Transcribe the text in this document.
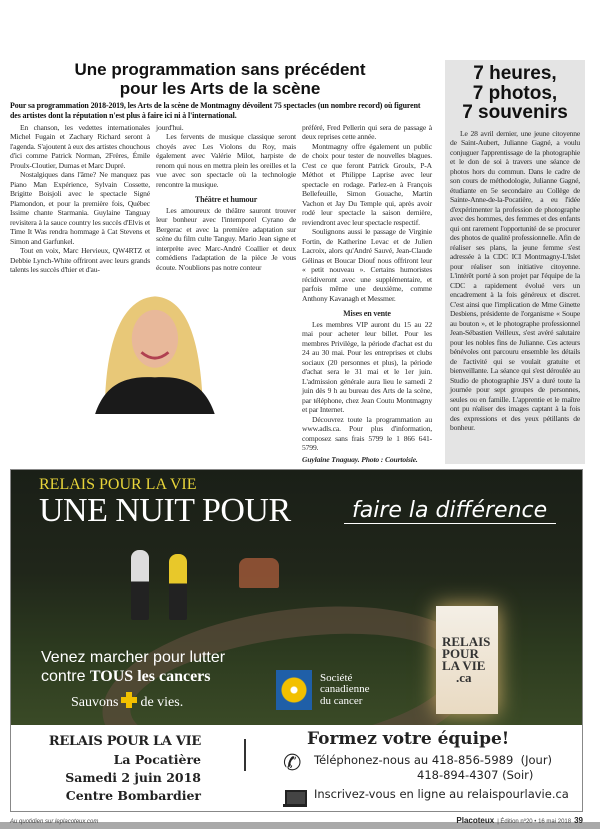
Une programmation sans précédent
pour les Arts de la scène
Pour sa programmation 2018-2019, les Arts de la scène de Montmagny dévoilent 75 spectacles (un nombre record) où figurent des artistes dont la réputation n'est plus à faire ici ni à l'international.

En chanson, les vedettes internationales Michel Fugain et Zachary Richard seront à l'agenda. S'ajoutent à eux des artistes chouchous d'ici comme Patrick Norman, 2Frères, Émile Proulx-Cloutier, Dumas et Marc Dupré.

Nostalgiques dans l'âme? Ne manquez pas Piano Man Expérience, Sylvain Cossette, Brigitte Boisjoli avec le spectacle Signé Plamondon, et pour la première fois, Québec Issime chante Starmania. Guylaine Tanguay revisitera à la sauce country les succès d'Elvis et Time It Was rendra hommage à Cat Stevens et Simon and Garfunkel.

Tout en voix, Marc Hervieux, QW4RTZ et Debbie Lynch-White offriront avec leurs grands talents les succès d'hier et d'au-

jourd'hui.

Les fervents de musique classique seront choyés avec Les Violons du Roy, mais également avec Valérie Milot, harpiste de renom qui nous en mettra plein les oreilles et la vue avec son spectacle où la technologie rencontre la musique.

Théâtre et humour

Les amoureux de théâtre sauront trouver leur bonheur avec l'intemporel Cyrano de Bergerac et avec la première adaptation sur scène du film culte Tanguy. Mario Jean signe et interprète avec Marc-André Coallier et deux comédiens l'adaptation de la pièce Je vous écoute. N'oublions pas notre conteur

préféré, Fred Pellerin qui sera de passage à deux reprises cette année.

Montmagny offre également un public de choix pour tester de nouvelles blagues. C'est ce que feront Patrick Groulx, P-A Méthot et Philippe Laprise avec leur spectacle en rodage. Parlez-en à François Bellefeuille, Simon Gouache, Martin Vachon et Jay Du Temple qui, après avoir rodé leur spectacle la saison dernière, reviendront avec leur spectacle respectif.

Soulignons aussi le passage de Virginie Fortin, de Katherine Levac et de Julien Lacroix, alors qu'André Sauvé, Jean-Claude Gélinas et Boucar Diouf nous offriront leur « petit nouveau ». Certains humoristes récidiveront avec une supplémentaire, et parfois même une deuxième, comme Anthony Kavanagh et Messmer.

Mises en vente

Les membres VIP auront du 15 au 22 mai pour acheter leur billet. Pour les membres Privilège, la période d'achat est du 24 au 30 mai. Pour les entreprises et clubs sociaux (20 personnes et plus), la période d'achat sera le 31 mai et le 1er juin. L'admission générale aura lieu le samedi 2 juin dès 9 h au bureau des Arts de la scène, par téléphone, chez Jean Coutu Montmagny et par Internet.

Découvrez toute la programmation au www.adls.ca. Pour plus d'information, composez sans frais 5799 le 1 866 641-5799.

Guylaine Tnaguay. Photo : Courtoisie.

7 heures,
7 photos,
7 souvenirs

Le 28 avril dernier, une jeune citoyenne de Saint-Aubert, Julianne Gagné, a voulu conjuguer l'apprentissage de la photographie et le don de soi à travers une séance de photos hors du commun. Dans le cadre de son cours de méthodologie, Julianne Gagné, étudiante en 5e secondaire au Collège de Sainte-Anne-de-la-Pocatière, a eu l'idée d'expérimenter la profession de photographe avec des hommes, des femmes et des enfants qui ont rarement l'opportunité de se procurer des photos de qualité professionnelle. Afin de réaliser ses plans, la jeune femme s'est adressée à la CDC ICI Montmagny-L'Islet pour réaliser son initiative citoyenne. L'intérêt porté à son projet par l'équipe de la CDC a rapidement évolué vers un encadrement à la fois généreux et discret. C'est ainsi que l'implication de Mme Ginette Desbiens, présidente de l'organisme « Soupe au bouton », et le photographe professionnel Jean-Sébastien Veilleux, s'est avéré salutaire pour les nobles fins de Julianne. Ces acteurs bénévoles ont parcouru ensemble les détails de l'activité qui se voulait gratuite et bienveillante. La séance qui s'est déroulée au Studio de photographie JSV a duré toute la journée pour sept groupes de personnes, seules ou en famille. L'apprentie et le maître ont pu réaliser des images captant à la fois des expressions et des yeux pétillants de bonheur.

RELAIS POUR LA VIE
UNE NUIT POUR	faire la différence
Venez marcher pour lutter
contre TOUS les cancers
Sauvons de vies.
Société
canadienne
du cancer
RELAIS
POUR
LA VIE
.ca
RELAIS POUR LA VIE
La Pocatière
Samedi 2 juin 2018
Centre Bombardier
✆
Formez votre équipe!
Téléphonez-nous au 418-856-5989  (Jour)
418-894-4307 (Soir)
Inscrivez-vous en ligne au relaispourlavie.ca
Au quotidien sur leplacoteux.com	Placoteux | Édition nº20 • 16 mai 2018 39
